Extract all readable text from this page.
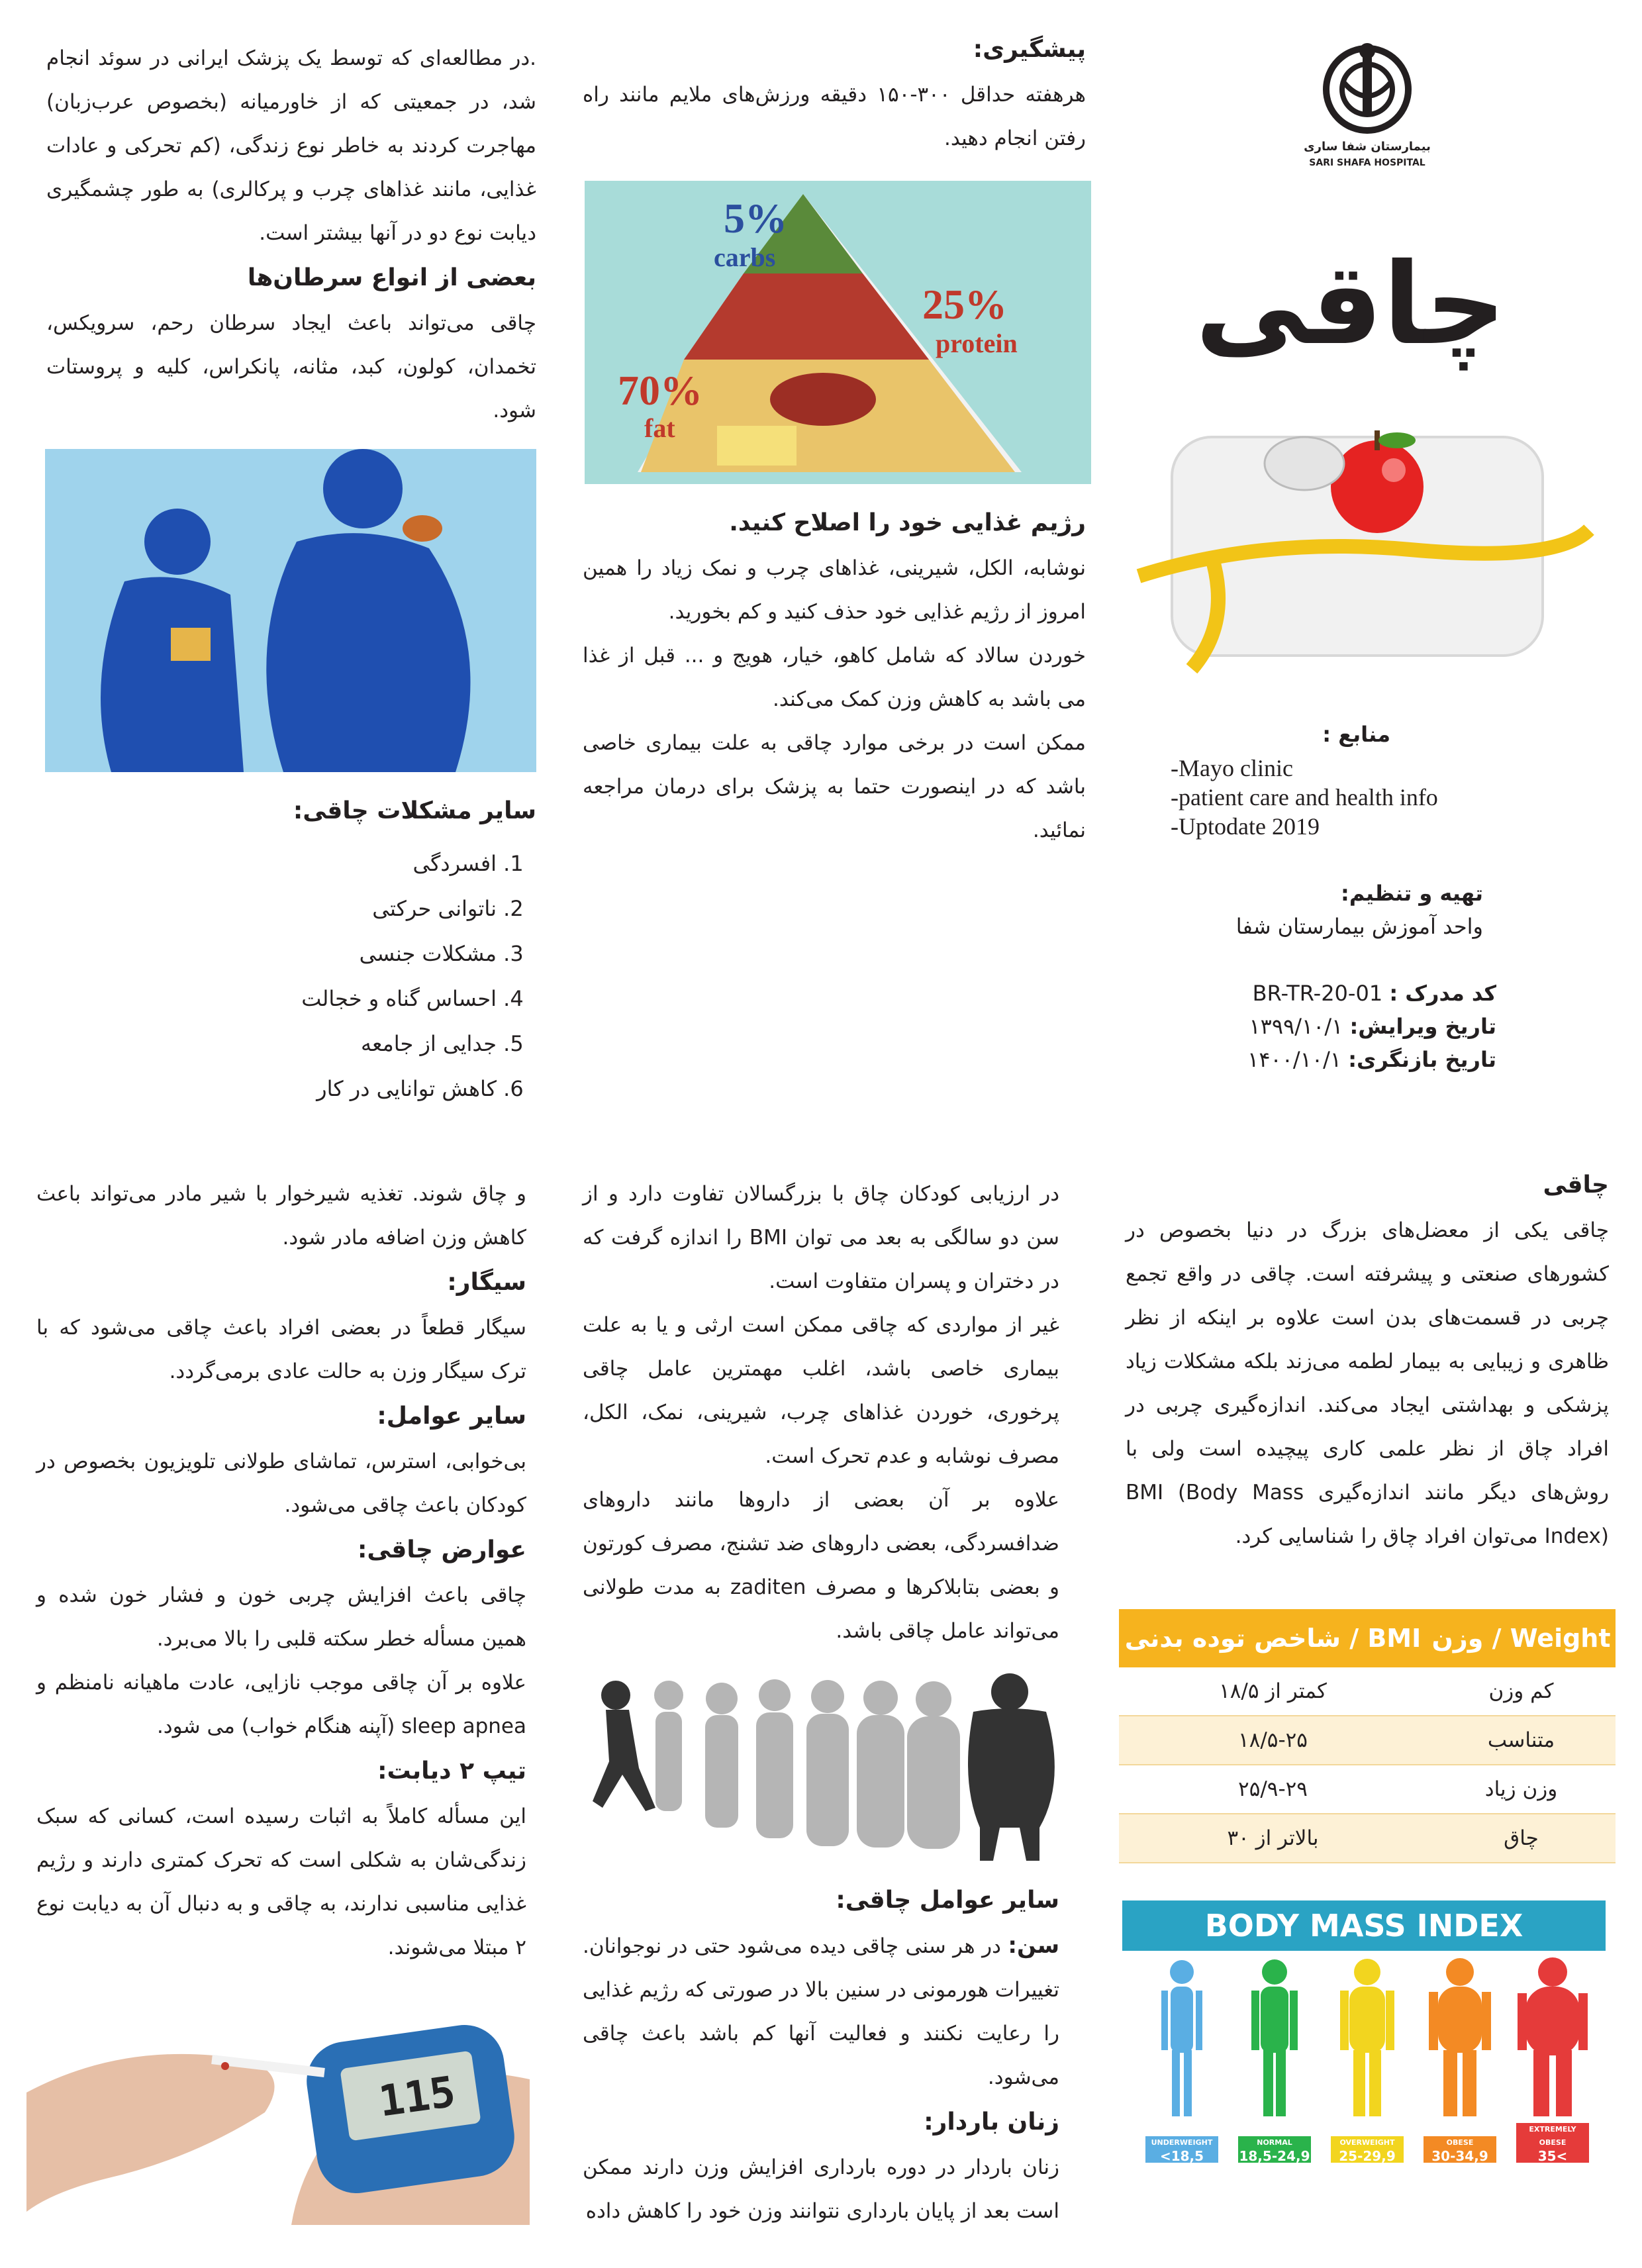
بیمارستان شفا ساری
SARI SHAFA HOSPITAL
چاقی
منابع :
-Mayo clinic
-patient care and health info
-Uptodate 2019
تهیه و تنظیم:
واحد آموزش بیمارستان شفا
کد مدرک : BR-TR-20-01
تاریخ ویرایش: ۱۳۹۹/۱۰/۱
تاریخ بازنگری: ۱۴۰۰/۱۰/۱

پیشگیری:

هرهفته حداقل ۳۰۰-۱۵۰ دقیقه ورزش‌های ملایم مانند راه رفتن انجام دهید.

5%
carbs
25%
protein
70%
fat

رژیم غذایی خود را اصلاح کنید.

نوشابه، الکل، شیرینی، غذاهای چرب و نمک زیاد را همین امروز از رژیم غذایی خود حذف کنید و کم بخورید.

خوردن سالاد که شامل کاهو، خیار، هویج و ... قبل از غذا می باشد به کاهش وزن کمک می‌کند.

ممکن است در برخی موارد چاقی به علت بیماری خاصی باشد که در اینصورت حتما به پزشک برای درمان مراجعه نمائید.

.در مطالعه‌ای که توسط یک پزشک ایرانی در سوئد انجام شد، در جمعیتی که از خاورمیانه (بخصوص عرب‌زبان) مهاجرت کردند به خاطر نوع زندگی، (کم تحرکی و عادات غذایی، مانند غذاهای چرب و پرکالری) به طور چشمگیری دیابت نوع دو در آنها بیشتر است.

بعضی از انواع سرطان‌ها

چاقی می‌تواند باعث ایجاد سرطان رحم، سرویکس، تخمدان، کولون، کبد، مثانه، پانکراس، کلیه و پروستات شود.

سایر مشکلات چاقی:

1. افسردگی
2. ناتوانی حرکتی
3. مشکلات جنسی
4. احساس گناه و خجالت
5. جدایی از جامعه
6. کاهش توانایی در کار

چاقی

چاقی یکی از معضل‌های بزرگ در دنیا بخصوص در کشورهای صنعتی و پیشرفته است. چاقی در واقع تجمع چربی در قسمت‌های بدن است علاوه بر اینکه از نظر ظاهری و زیبایی به بیمار لطمه می‌زند بلکه مشکلات زیاد پزشکی و بهداشتی ایجاد می‌کند. اندازه‌گیری چربی در افراد چاق از نظر علمی کاری پیچیده است ولی با روش‌های دیگر مانند اندازه‌گیری BMI (Body Mass Index) می‌توان افراد چاق را شناسایی کرد.

Weight / وزن	BMI / شاخص توده بدنی
کم وزن	کمتر از ۱۸/۵
متناسب	۱۸/۵-۲۵
وزن زیاد	۲۵/۹-۲۹
چاق	بالاتر از ۳۰
BODY MASS INDEX
UNDERWEIGHT
<18,5
NORMAL
18,5-24,9
OVERWEIGHT
25-29,9
OBESE
30-34,9
EXTREMELY OBESE
35<

در ارزیابی کودکان چاق با بزرگسالان تفاوت دارد و از سن دو سالگی به بعد می توان BMI را اندازه گرفت که در دختران و پسران متفاوت است.

غیر از مواردی که چاقی ممکن است ارثی و یا به علت بیماری خاصی باشد، اغلب مهمترین عامل چاقی پرخوری، خوردن غذاهای چرب، شیرینی، نمک، الکل، مصرف نوشابه و عدم تحرک است.

علاوه بر آن بعضی از داروها مانند داروهای ضدافسردگی، بعضی داروهای ضد تشنج، مصرف کورتون و بعضی بتابلاکرها و مصرف zaditen به مدت طولانی می‌تواند عامل چاقی باشد.

سایر عوامل چاقی:

سن: در هر سنی چاقی دیده می‌شود حتی در نوجوانان. تغییرات هورمونی در سنین بالا در صورتی که رژیم غذایی را رعایت نکنند و فعالیت آنها کم باشد باعث چاقی می‌شود.

زنان باردار:

زنان باردار در دوره بارداری افزایش وزن دارند ممکن است بعد از پایان بارداری نتوانند وزن خود را کاهش داده

و چاق شوند. تغذیه شیرخوار با شیر مادر می‌تواند باعث کاهش وزن اضافه مادر شود.

سیگار:

سیگار قطعاً در بعضی افراد باعث چاقی می‌شود که با ترک سیگار وزن به حالت عادی برمی‌گردد.

سایر عوامل:

بی‌خوابی، استرس، تماشای طولانی تلویزیون بخصوص در کودکان باعث چاقی می‌شود.

عوارض چاقی:

چاقی باعث افزایش چربی خون و فشار خون شده و همین مسأله خطر سکته قلبی را بالا می‌برد.

علاوه بر آن چاقی موجب نازایی، عادت ماهیانه نامنظم و sleep apnea (آپنه هنگام خواب) می شود.

تیپ ۲ دیابت:

این مسأله کاملاً به اثبات رسیده است، کسانی که سبک زندگی‌شان به شکلی است که تحرک کمتری دارند و رژیم غذایی مناسبی ندارند، به چاقی و به دنبال آن به دیابت نوع ۲ مبتلا می‌شوند.

115
